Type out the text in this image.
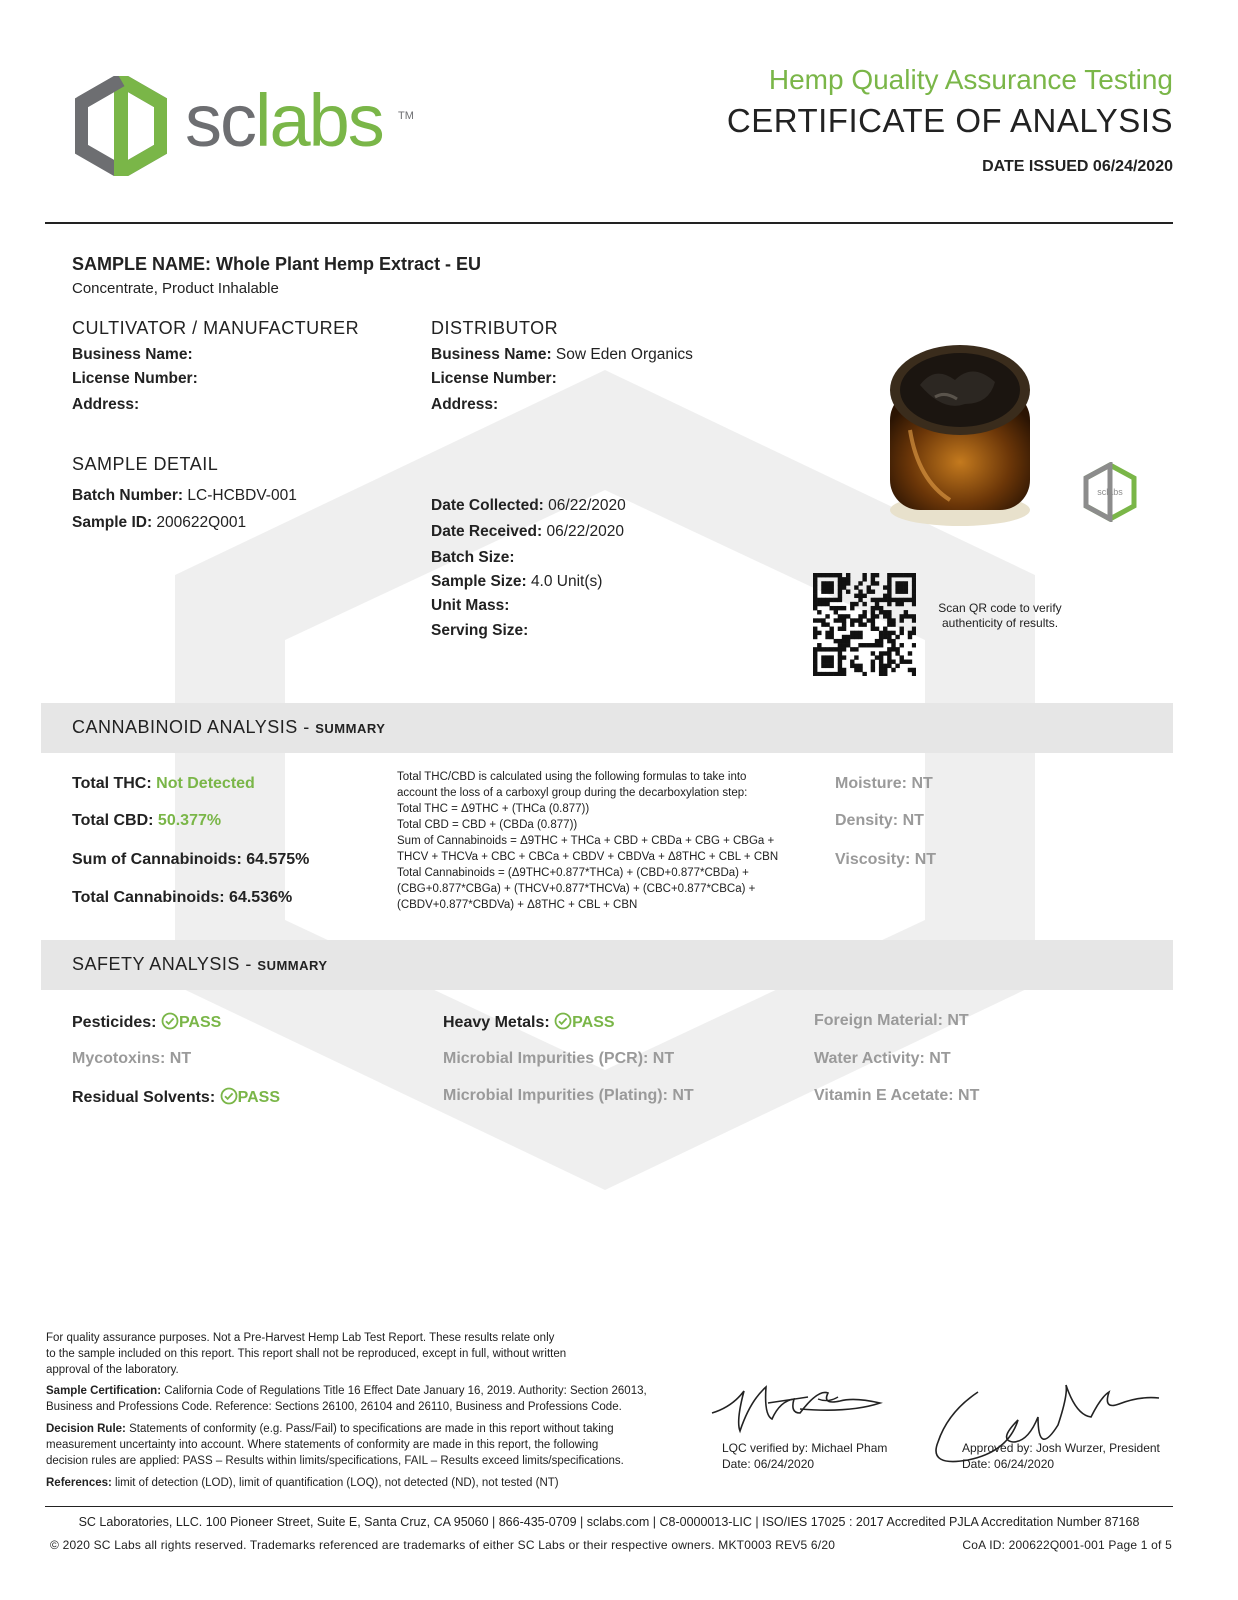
sclabs TM
Hemp Quality Assurance Testing
CERTIFICATE OF ANALYSIS
DATE ISSUED 06/24/2020
SAMPLE NAME: Whole Plant Hemp Extract - EU
Concentrate, Product Inhalable
CULTIVATOR / MANUFACTURER
Business Name:
License Number:
Address:
DISTRIBUTOR
Business Name: Sow Eden Organics
License Number:
Address:
SAMPLE DETAIL
Batch Number: LC-HCBDV-001
Sample ID: 200622Q001
Date Collected: 06/22/2020
Date Received: 06/22/2020
Batch Size:
Sample Size: 4.0 Unit(s)
Unit Mass:
Serving Size:
sclabs
Scan QR code to verify
authenticity of results.
CANNABINOID ANALYSIS - SUMMARY
Total THC: Not Detected
Total CBD: 50.377%
Sum of Cannabinoids: 64.575%
Total Cannabinoids: 64.536%
Total THC/CBD is calculated using the following formulas to take into
account the loss of a carboxyl group during the decarboxylation step:
Total THC = Δ9THC + (THCa (0.877))
Total CBD = CBD + (CBDa (0.877))
Sum of Cannabinoids = Δ9THC + THCa + CBD + CBDa + CBG + CBGa +
THCV + THCVa + CBC + CBCa + CBDV + CBDVa + Δ8THC + CBL + CBN
Total Cannabinoids = (Δ9THC+0.877*THCa) + (CBD+0.877*CBDa) +
(CBG+0.877*CBGa) + (THCV+0.877*THCVa) + (CBC+0.877*CBCa) +
(CBDV+0.877*CBDVa) + Δ8THC + CBL + CBN
Moisture: NT
Density: NT
Viscosity: NT
SAFETY ANALYSIS - SUMMARY
Pesticides: PASS	Heavy Metals: PASS	Foreign Material: NT
Mycotoxins: NT	Microbial Impurities (PCR): NT	Water Activity: NT
Residual Solvents: PASS	Microbial Impurities (Plating): NT	Vitamin E Acetate: NT
For quality assurance purposes. Not a Pre-Harvest Hemp Lab Test Report. These results relate only
to the sample included on this report. This report shall not be reproduced, except in full, without written
approval of the laboratory.
Sample Certification: California Code of Regulations Title 16 Effect Date January 16, 2019. Authority: Section 26013,
Business and Professions Code. Reference: Sections 26100, 26104 and 26110, Business and Professions Code.
Decision Rule: Statements of conformity (e.g. Pass/Fail) to specifications are made in this report without taking
measurement uncertainty into account. Where statements of conformity are made in this report, the following
decision rules are applied: PASS – Results within limits/specifications, FAIL – Results exceed limits/specifications.
References: limit of detection (LOD), limit of quantification (LOQ), not detected (ND), not tested (NT)
LQC verified by: Michael Pham
Date: 06/24/2020
Approved by: Josh Wurzer, President
Date: 06/24/2020
SC Laboratories, LLC. 100 Pioneer Street, Suite E, Santa Cruz, CA 95060 | 866-435-0709 | sclabs.com | C8-0000013-LIC | ISO/IES 17025 : 2017 Accredited PJLA Accreditation Number 87168
© 2020 SC Labs all rights reserved. Trademarks referenced are trademarks of either SC Labs or their respective owners. MKT0003 REV5 6/20	CoA ID: 200622Q001-001 Page 1 of 5
